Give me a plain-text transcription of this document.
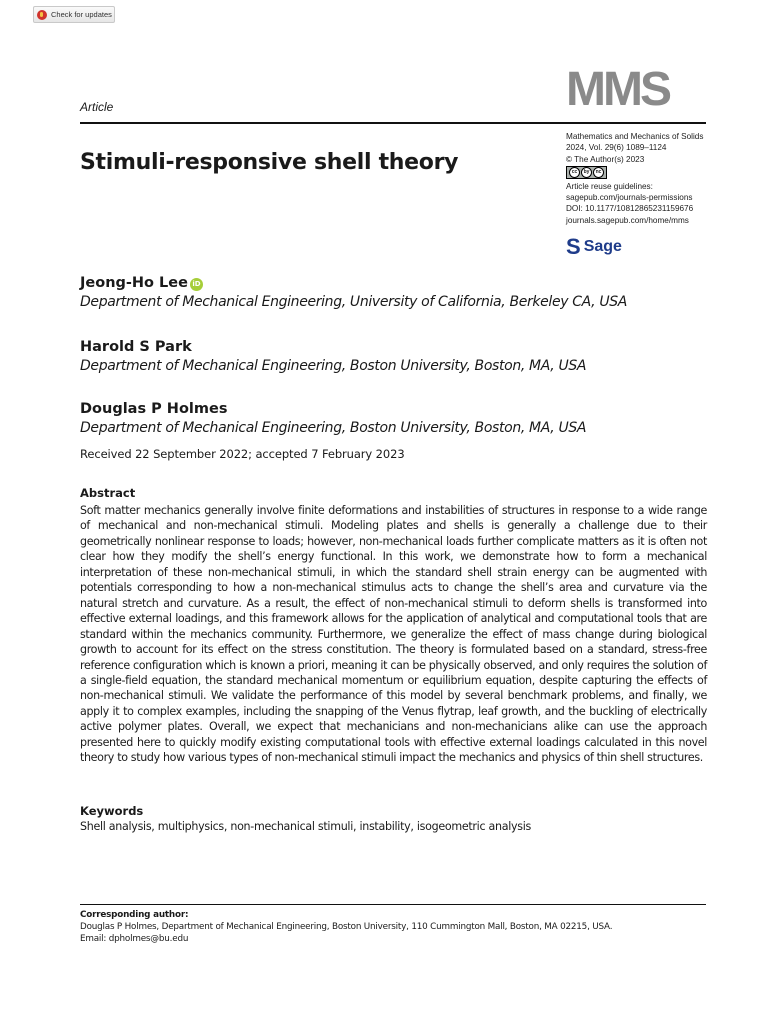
Check for updates
Article	MMS
Stimuli-responsive shell theory
Mathematics and Mechanics of Solids
2024, Vol. 29(6) 1089–1124
© The Author(s) 2023
cc	by	nc
Article reuse guidelines:
sagepub.com/journals-permissions
DOI: 10.1177/10812865231159676
journals.sagepub.com/home/mms
S Sage
Jeong-Ho Lee iD
Department of Mechanical Engineering, University of California, Berkeley CA, USA
Harold S Park
Department of Mechanical Engineering, Boston University, Boston, MA, USA
Douglas P Holmes
Department of Mechanical Engineering, Boston University, Boston, MA, USA
Received 22 September 2022; accepted 7 February 2023
Abstract
Soft matter mechanics generally involve finite deformations and instabilities of structures in response to a wide range of mechanical and non-mechanical stimuli. Modeling plates and shells is generally a challenge due to their geometrically nonlinear response to loads; however, non-mechanical loads further complicate matters as it is often not clear how they modify the shell’s energy functional. In this work, we demonstrate how to form a mechanical interpretation of these non-mechanical stimuli, in which the standard shell strain energy can be augmented with potentials corresponding to how a non-mechanical stimulus acts to change the shell’s area and curvature via the natural stretch and curvature. As a result, the effect of non-mechanical stimuli to deform shells is transformed into effective external loadings, and this framework allows for the application of analytical and computational tools that are standard within the mechanics community. Furthermore, we generalize the effect of mass change during biological growth to account for its effect on the stress constitution. The theory is formulated based on a standard, stress-free reference configuration which is known a priori, meaning it can be physically observed, and only requires the solution of a single-field equation, the standard mechanical momentum or equilibrium equation, despite capturing the effects of non-mechanical stimuli. We validate the performance of this model by several benchmark problems, and finally, we apply it to complex examples, including the snapping of the Venus flytrap, leaf growth, and the buckling of electrically active polymer plates. Overall, we expect that mechanicians and non-mechanicians alike can use the approach presented here to quickly modify existing computational tools with effective external loadings calculated in this novel theory to study how various types of non-mechanical stimuli impact the mechanics and physics of thin shell structures.
Keywords
Shell analysis, multiphysics, non-mechanical stimuli, instability, isogeometric analysis
Corresponding author:
Douglas P Holmes, Department of Mechanical Engineering, Boston University, 110 Cummington Mall, Boston, MA 02215, USA.
Email: dpholmes@bu.edu
